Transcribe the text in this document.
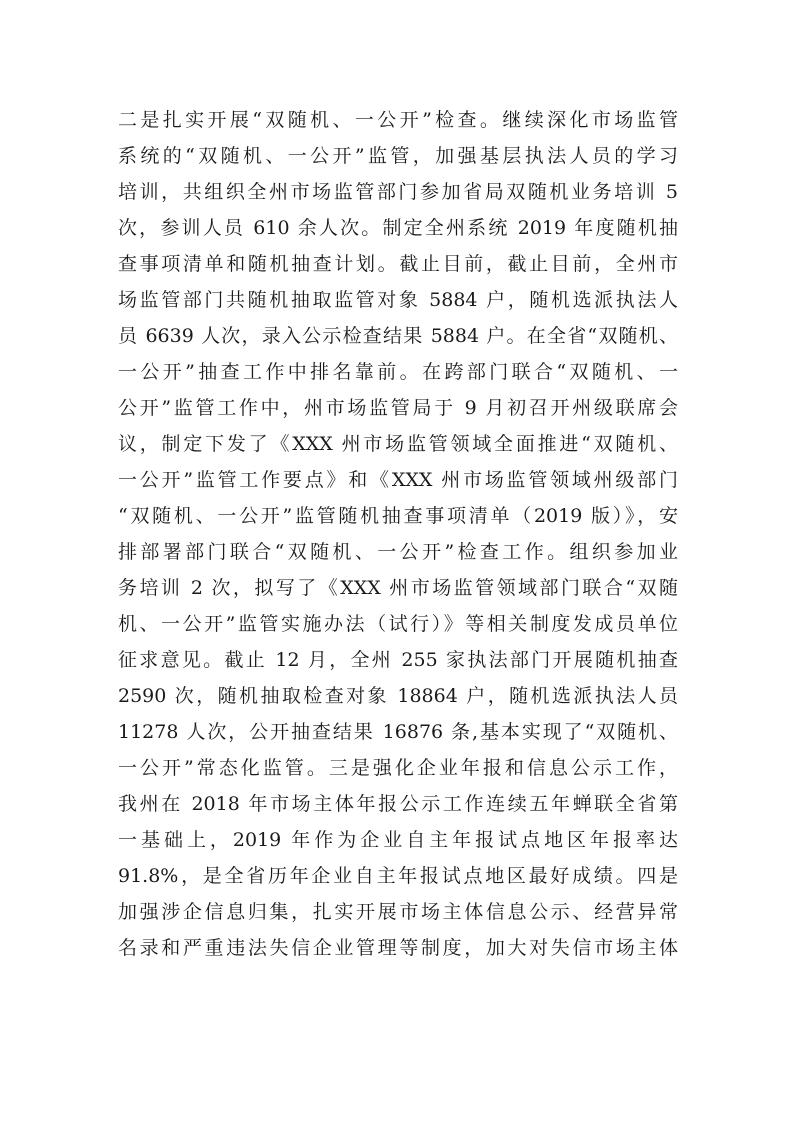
二是扎实开展“双随机、一公开”检查。继续深化市场监管
系统的“双随机、一公开”监管，加强基层执法人员的学习
培训，共组织全州市场监管部门参加省局双随机业务培训 5
次，参训人员 610 余人次。制定全州系统 2019 年度随机抽
查事项清单和随机抽查计划。截止目前，截止目前，全州市
场监管部门共随机抽取监管对象 5884 户，随机选派执法人
员 6639 人次，录入公示检查结果 5884 户。在全省“双随机、
一公开”抽查工作中排名靠前。在跨部门联合“双随机、一
公开”监管工作中，州市场监管局于 9 月初召开州级联席会
议，制定下发了《XXX 州市场监管领域全面推进“双随机、
一公开”监管工作要点》和《XXX 州市场监管领域州级部门
“双随机、一公开”监管随机抽查事项清单（2019 版）》，安
排部署部门联合“双随机、一公开”检查工作。组织参加业
务培训 2 次，拟写了《XXX 州市场监管领域部门联合“双随
机、一公开”监管实施办法（试行）》等相关制度发成员单位
征求意见。截止 12 月，全州 255 家执法部门开展随机抽查
2590 次，随机抽取检查对象 18864 户，随机选派执法人员
11278 人次，公开抽查结果 16876 条,基本实现了“双随机、
一公开”常态化监管。三是强化企业年报和信息公示工作，
我州在 2018 年市场主体年报公示工作连续五年蝉联全省第
一基础上，2019 年作为企业自主年报试点地区年报率达
91.8%，是全省历年企业自主年报试点地区最好成绩。四是
加强涉企信息归集，扎实开展市场主体信息公示、经营异常
名录和严重违法失信企业管理等制度，加大对失信市场主体
